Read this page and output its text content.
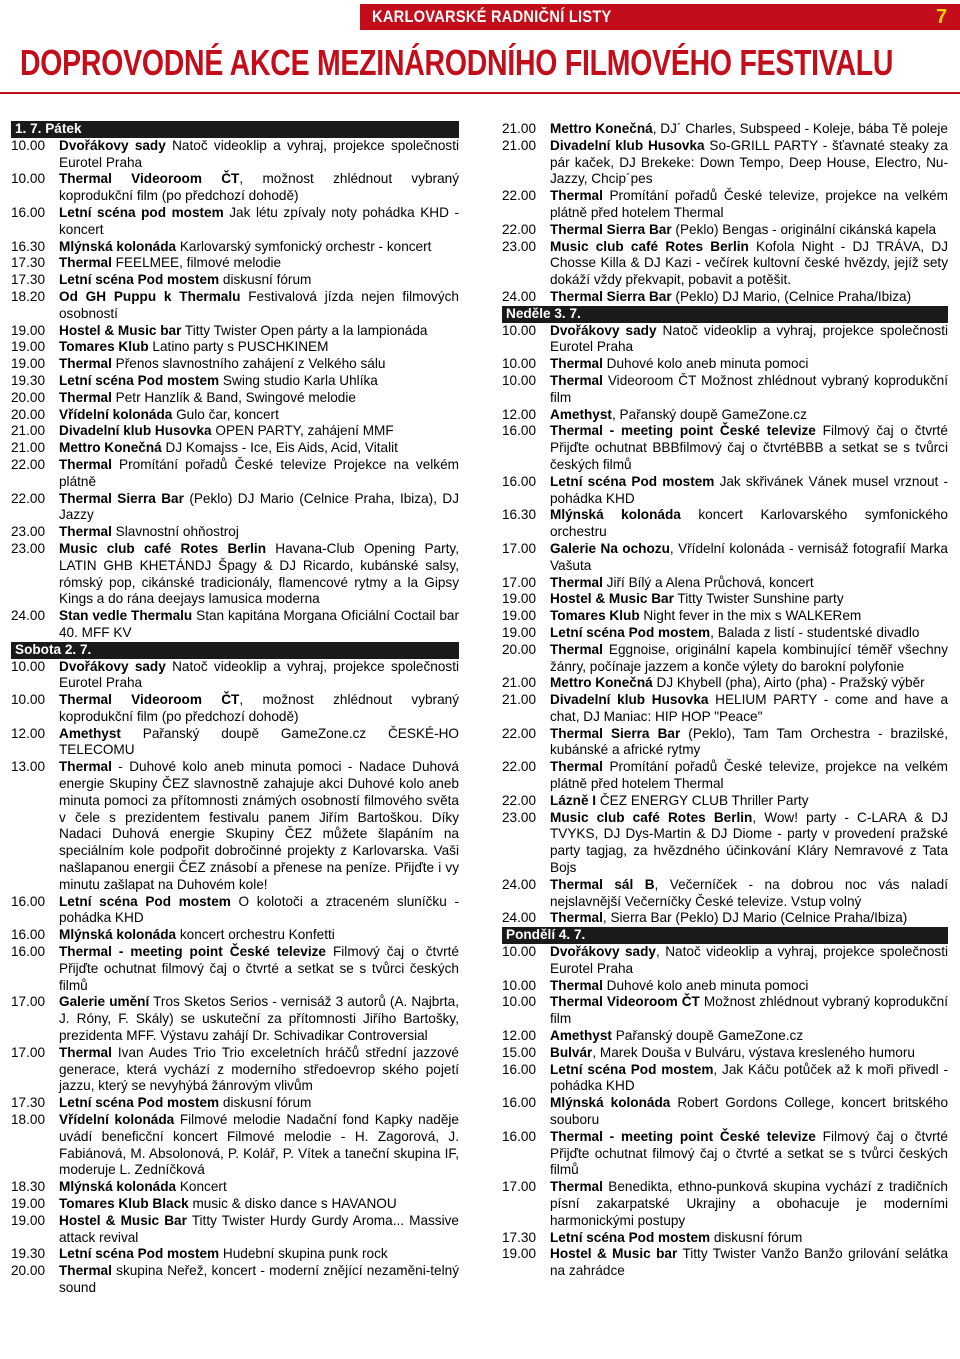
KARLOVARSKÉ RADNIČNÍ LISTY	7
DOPROVODNÉ AKCE MEZINÁRODNÍHO FILMOVÉHO FESTIVALU
1. 7. Pátek
10.00 Dvořákovy sady Natoč videoklip a vyhraj, projekce společnosti Eurotel Praha
10.00 Thermal Videoroom ČT, možnost zhlédnout vybraný koprodukční film (po předchozí dohodě)
16.00 Letní scéna pod mostem Jak létu zpívaly noty pohádka KHD - koncert
16.30 Mlýnská kolonáda Karlovarský symfonický orchestr - koncert
17.30 Thermal FEELMEE, filmové melodie
17.30 Letní scéna Pod mostem diskusní fórum
18.20 Od GH Puppu k Thermalu Festivalová jízda nejen filmových osobností
19.00 Hostel & Music bar Titty Twister Open párty a la lampionáda
19.00 Tomares Klub Latino party s PUSCHKINEM
19.00 Thermal Přenos slavnostního zahájení z Velkého sálu
19.30 Letní scéna Pod mostem Swing studio Karla Uhlíka
20.00 Thermal Petr Hanzlík & Band, Swingové melodie
20.00 Vřídelní kolonáda Gulo čar, koncert
21.00 Divadelní klub Husovka OPEN PARTY, zahájení MMF
21.00 Mettro Konečná DJ Komajss - Ice, Eis Aids, Acid, Vitalit
22.00 Thermal Promítání pořadů České televize Projekce na velkém plátně
22.00 Thermal Sierra Bar (Peklo) DJ Mario (Celnice Praha, Ibiza), DJ Jazzy
23.00 Thermal Slavnostní ohňostroj
23.00 Music club café Rotes Berlin Havana-Club Opening Party, LATIN GHB KHETÁNDJ Špagy & DJ Ricardo, kubánské salsy, rómský pop, cikánské tradicionály, flamencové rytmy a la Gipsy Kings a do rána deejays lamusica moderna
24.00 Stan vedle Thermalu Stan kapitána Morgana Oficiální Coctail bar 40. MFF KV
Sobota 2. 7.
10.00 Dvořákovy sady Natoč videoklip a vyhraj, projekce společnosti Eurotel Praha
10.00 Thermal Videoroom ČT, možnost zhlédnout vybraný koprodukční film (po předchozí dohodě)
12.00 Amethyst Pařanský doupě GameZone.cz ČESKÉ-HO TELECOMU
13.00 Thermal - Duhové kolo aneb minuta pomoci - Nadace Duhová energie Skupiny ČEZ slavnostně zahajuje akci Duhové kolo aneb minuta pomoci za přítomnosti známých osobností filmového světa v čele s prezidentem festivalu panem Jiřím Bartoškou. Díky Nadaci Duhová energie Skupiny ČEZ můžete šlapáním na speciálním kole podpořit dobročinné projekty z Karlovarska. Vaši našlapanou energii ČEZ znásobí a přenese na peníze. Přijďte i vy minutu zašlapat na Duhovém kole!
16.00 Letní scéna Pod mostem O kolotoči a ztraceném sluníčku - pohádka KHD
16.00 Mlýnská kolonáda koncert orchestru Konfetti
16.00 Thermal - meeting point České televize Filmový čaj o čtvrté Přijďte ochutnat filmový čaj o čtvrté a setkat se s tvůrci českých filmů
17.00 Galerie umění Tros Sketos Serios - vernisáž 3 autorů (A. Najbrta, J. Róny, F. Skály) se uskuteční za přítomnosti Jiřího Bartošky, prezidenta MFF. Výstavu zahájí Dr. Schivadikar Controversial
17.00 Thermal Ivan Audes Trio Trio exceletních hráčů střední jazzové generace, která vychází z moderního středoevrop ského pojetí jazzu, který se nevyhýbá žánrovým vlivům
17.30 Letní scéna Pod mostem diskusní fórum
18.00 Vřídelní kolonáda Filmové melodie Nadační fond Kapky naděje uvádí beneficční koncert Filmové melodie - H. Zagorová, J. Fabiánová, M. Absolonová, P. Kolář, P. Vítek a taneční skupina IF, moderuje L. Zedníčková
18.30 Mlýnská kolonáda Koncert
19.00 Tomares Klub Black music & disko dance s HAVANOU
19.00 Hostel & Music Bar Titty Twister Hurdy Gurdy Aroma... Massive attack revival
19.30 Letní scéna Pod mostem Hudební skupina punk rock
20.00 Thermal skupina Neřež, koncert - moderní znějící nezaměni-telný sound
21.00 Mettro Konečná, DJ´ Charles, Subspeed - Koleje, bába Tě poleje
21.00 Divadelní klub Husovka So-GRILL PARTY - šťavnaté steaky za pár kaček, DJ Brekeke: Down Tempo, Deep House, Electro, Nu-Jazzy, Chcip´pes
22.00 Thermal Promítání pořadů České televize, projekce na velkém plátně před hotelem Thermal
22.00 Thermal Sierra Bar (Peklo) Bengas - originální cikánská kapela
23.00 Music club café Rotes Berlin Kofola Night - DJ TRÁVA, DJ Chosse Killa & DJ Kazi - večírek kultovní české hvězdy, jejíž sety dokáží vždy překvapit, pobavit a potěšit.
24.00 Thermal Sierra Bar (Peklo) DJ Mario, (Celnice Praha/Ibiza)
Neděle 3. 7.
10.00 Dvořákovy sady Natoč videoklip a vyhraj, projekce společnosti Eurotel Praha
10.00 Thermal Duhové kolo aneb minuta pomoci
10.00 Thermal Videoroom ČT Možnost zhlédnout vybraný koprodukční film
12.00 Amethyst, Pařanský doupě GameZone.cz
16.00 Thermal - meeting point České televize Filmový čaj o čtvrté Přijďte ochutnat BBBfilmový čaj o čtvrtéBBB a setkat se s tvůrci českých filmů
16.00 Letní scéna Pod mostem Jak skřivánek Vánek musel vrznout - pohádka KHD
16.30 Mlýnská kolonáda koncert Karlovarského symfonického orchestru
17.00 Galerie Na ochozu, Vřídelní kolonáda - vernisáž fotografií Marka Vašuta
17.00 Thermal Jiří Bílý a Alena Průchová, koncert
19.00 Hostel & Music Bar Titty Twister Sunshine party
19.00 Tomares Klub Night fever in the mix s WALKERem
19.00 Letní scéna Pod mostem, Balada z listí - studentské divadlo
20.00 Thermal Eggnoise, originální kapela kombinující téměř všechny žánry, počínaje jazzem a konče výlety do barokní polyfonie
21.00 Mettro Konečná DJ Khybell (pha), Airto (pha) - Pražský výběr
21.00 Divadelní klub Husovka HELIUM PARTY - come and have a chat, DJ Maniac: HIP HOP "Peace"
22.00 Thermal Sierra Bar (Peklo), Tam Tam Orchestra - brazilské, kubánské a africké rytmy
22.00 Thermal Promítání pořadů České televize, projekce na velkém plátně před hotelem Thermal
22.00 Lázně I ČEZ ENERGY CLUB Thriller Party
23.00 Music club café Rotes Berlin, Wow! party - C-LARA & DJ TVYKS, DJ Dys-Martin & DJ Diome - party v provedení pražské party tagjag, za hvězdného účinkování Kláry Nemravové z Tata Bojs
24.00 Thermal sál B, Večerníček - na dobrou noc vás naladí nejslavnější Večerníčky České televize. Vstup volný
24.00 Thermal, Sierra Bar (Peklo) DJ Mario (Celnice Praha/Ibiza)
Pondělí 4. 7.
10.00 Dvořákovy sady, Natoč videoklip a vyhraj, projekce společnosti Eurotel Praha
10.00 Thermal Duhové kolo aneb minuta pomoci
10.00 Thermal Videoroom ČT Možnost zhlédnout vybraný koprodukční film
12.00 Amethyst Pařanský doupě GameZone.cz
15.00 Bulvár, Marek Douša v Bulváru, výstava kresleného humoru
16.00 Letní scéna Pod mostem, Jak Káču potůček až k moři přivedl - pohádka KHD
16.00 Mlýnská kolonáda Robert Gordons College, koncert britského souboru
16.00 Thermal - meeting point České televize Filmový čaj o čtvrté Přijďte ochutnat filmový čaj o čtvrté a setkat se s tvůrci českých filmů
17.00 Thermal Benedikta, ethno-punková skupina vychází z tradičních písní zakarpatské Ukrajiny a obohacuje je moderními harmonickými postupy
17.30 Letní scéna Pod mostem diskusní fórum
19.00 Hostel & Music bar Titty Twister Vanžo Banžo grilování selátka na zahrádce
